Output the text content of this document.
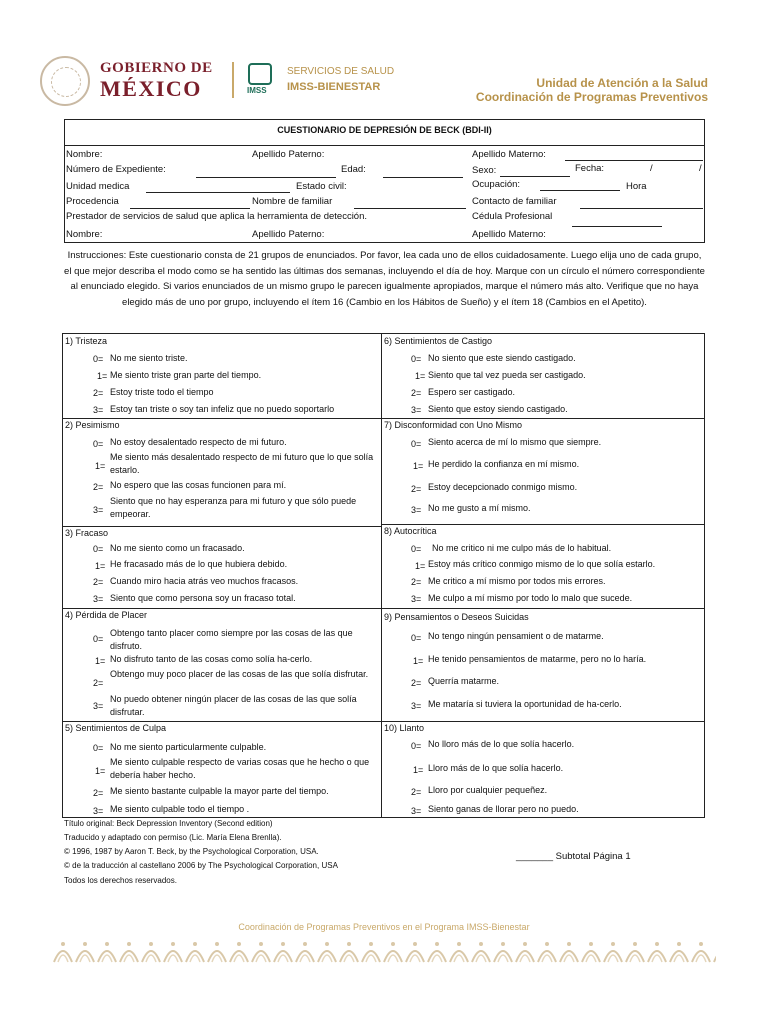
GOBIERNO DE
MÉXICO	IMSS
SERVICIOS DE SALUD
IMSS-BIENESTAR	Unidad de Atención a la Salud
Coordinación de Programas Preventivos
CUESTIONARIO DE DEPRESIÓN DE BECK (BDI-II)
Nombre:	Apellido Paterno:	Apellido Materno:
Número de Expediente:	Edad:	Sexo:	Fecha:	/	/
Unidad medica	Estado civil:	Ocupación:	Hora
Procedencia	Nombre de familiar	Contacto de familiar
Prestador de servicios de salud que aplica la herramienta de detección.	Cédula Profesional
Nombre:	Apellido Paterno:	Apellido Materno:
Instrucciones: Este cuestionario consta de 21 grupos de enunciados. Por favor, lea cada uno de ellos cuidadosamente. Luego elija uno de cada grupo, el que mejor describa el modo como se ha sentido las últimas dos semanas, incluyendo el día de hoy. Marque con un círculo el número correspondiente al enunciado elegido. Si varios enunciados de un mismo grupo le parecen igualmente apropiados, marque el número más alto. Verifique que no haya elegido más de uno por grupo, incluyendo el ítem 16 (Cambio en los Hábitos de Sueño) y el ítem 18 (Cambios en el Apetito).
1) Tristeza
0= No me siento triste.
1= Me siento triste gran parte del tiempo.
2= Estoy triste todo el tiempo
3= Estoy tan triste o soy tan infeliz que no puedo soportarlo
2) Pesimismo
0= No estoy desalentado respecto de mi futuro.
1=
Me siento más desalentado respecto de mi futuro que lo que solía estarlo.
2= No espero que las cosas funcionen para mí.
3=
Siento que no hay esperanza para mi futuro y que sólo puede empeorar.
3) Fracaso
0= No me siento como un fracasado.
1= He fracasado más de lo que hubiera debido.
2= Cuando miro hacia atrás veo muchos fracasos.
3= Siento que como persona soy un fracaso total.
4) Pérdida de Placer
0=
Obtengo tanto placer como siempre por las cosas de las que disfruto.
1= No disfruto tanto de las cosas como solía ha-cerlo.
2=
Obtengo muy poco placer de las cosas de las que solía disfrutar.
3=
No puedo obtener ningún placer de las cosas de las que solía disfrutar.
5) Sentimientos de Culpa
0= No me siento particularmente culpable.
1=
Me siento culpable respecto de varias cosas que he hecho o que debería haber hecho.
2= Me siento bastante culpable la mayor parte del tiempo.
3= Me siento culpable todo el tiempo .
6) Sentimientos de Castigo
0= No siento que este siendo castigado.
1= Siento que tal vez pueda ser castigado.
2= Espero ser castigado.
3= Siento que estoy siendo castigado.
7) Disconformidad con Uno Mismo
0= Siento acerca de mí lo mismo que siempre.
1= He perdido la confianza en mí mismo.
2= Estoy decepcionado conmigo mismo.
3= No me gusto a mí mismo.
8) Autocrítica
0= No me critico ni me culpo más de lo habitual.
1= Estoy más crítico conmigo mismo de lo que solía estarlo.
2= Me critico a mí mismo por todos mis errores.
3= Me culpo a mí mismo por todo lo malo que sucede.
9) Pensamientos o Deseos Suicidas
0= No tengo ningún pensamient o de matarme.
1= He tenido pensamientos de matarme, pero no lo haría.
2= Querría matarme.
3= Me mataría si tuviera la oportunidad de ha-cerlo.
10) Llanto
0= No lloro más de lo que solía hacerlo.
1= Lloro más de lo que solía hacerlo.
2= Lloro por cualquier pequeñez.
3= Siento ganas de llorar pero no puedo.
Título original: Beck Depression Inventory (Second edition)
Traducido y adaptado con permiso (Lic. María Elena Brenlla).
© 1996, 1987 by Aaron T. Beck, by the Psychological Corporation, USA.
© de la traducción al castellano 2006 by The Psychological Corporation, USA
Todos los derechos reservados.
_______ Subtotal Página 1
Coordinación de Programas Preventivos en el Programa IMSS-Bienestar
